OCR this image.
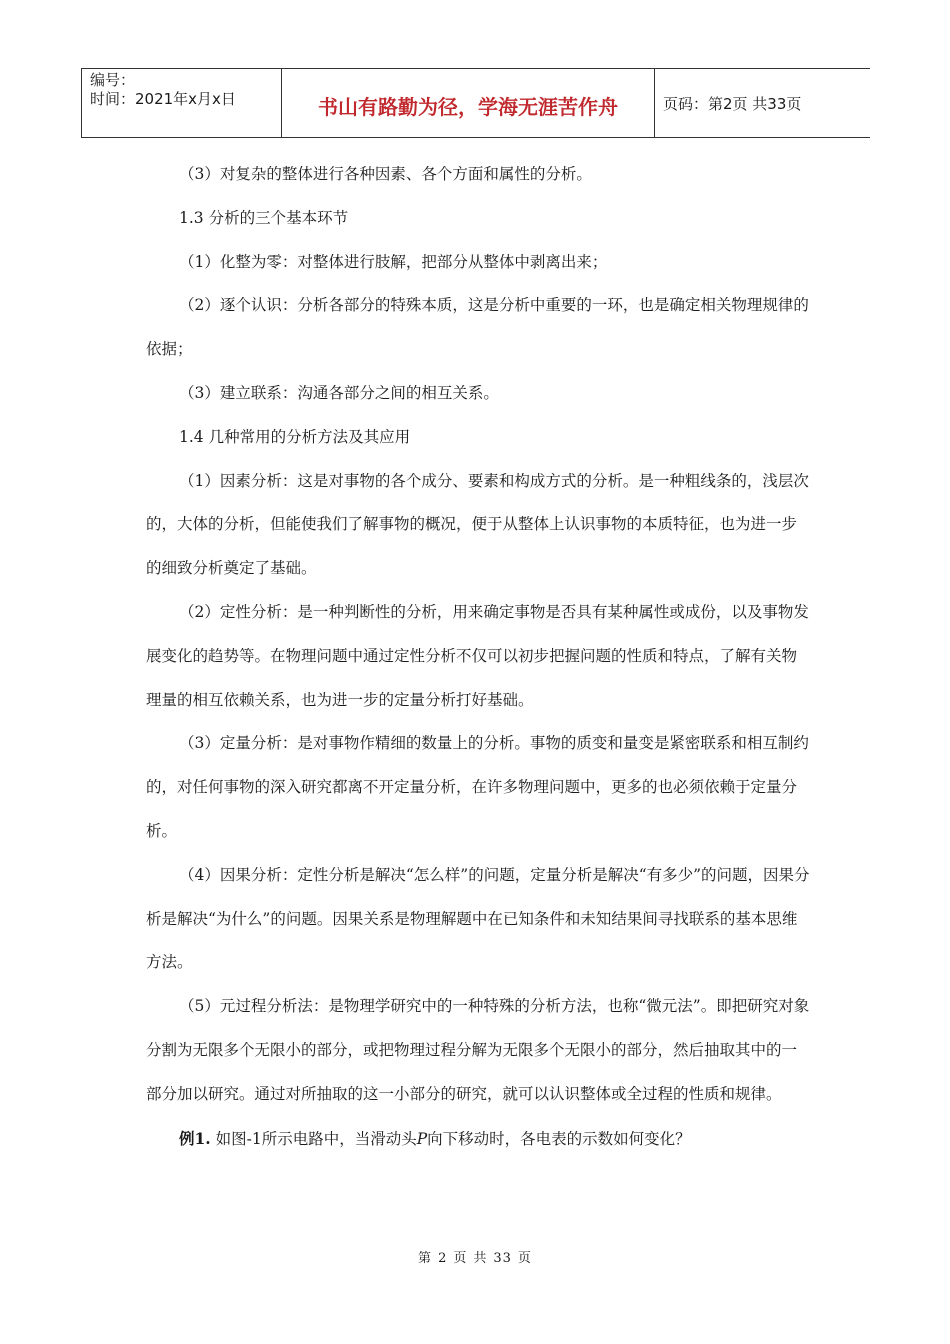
编号：
时间：2021年x月x日	书山有路勤为径，学海无涯苦作舟	页码：第2页 共33页

（3）对复杂的整体进行各种因素、各个方面和属性的分析。

1.3 分析的三个基本环节

（1）化整为零：对整体进行肢解，把部分从整体中剥离出来；

（2）逐个认识：分析各部分的特殊本质，这是分析中重要的一环，也是确定相关物理规律的依据；

（3）建立联系：沟通各部分之间的相互关系。

1.4 几种常用的分析方法及其应用

（1）因素分析：这是对事物的各个成分、要素和构成方式的分析。是一种粗线条的，浅层次的，大体的分析，但能使我们了解事物的概况，便于从整体上认识事物的本质特征，也为进一步的细致分析奠定了基础。

（2）定性分析：是一种判断性的分析，用来确定事物是否具有某种属性或成份，以及事物发展变化的趋势等。在物理问题中通过定性分析不仅可以初步把握问题的性质和特点，了解有关物理量的相互依赖关系，也为进一步的定量分析打好基础。

（3）定量分析：是对事物作精细的数量上的分析。事物的质变和量变是紧密联系和相互制约的，对任何事物的深入研究都离不开定量分析，在许多物理问题中，更多的也必须依赖于定量分析。

（4）因果分析：定性分析是解决“怎么样”的问题，定量分析是解决“有多少”的问题，因果分析是解决“为什么”的问题。因果关系是物理解题中在已知条件和未知结果间寻找联系的基本思维方法。

（5）元过程分析法：是物理学研究中的一种特殊的分析方法，也称“微元法”。即把研究对象分割为无限多个无限小的部分，或把物理过程分解为无限多个无限小的部分，然后抽取其中的一部分加以研究。通过对所抽取的这一小部分的研究，就可以认识整体或全过程的性质和规律。

例1. 如图-1所示电路中，当滑动头P向下移动时，各电表的示数如何变化？

第 2 页 共 33 页
